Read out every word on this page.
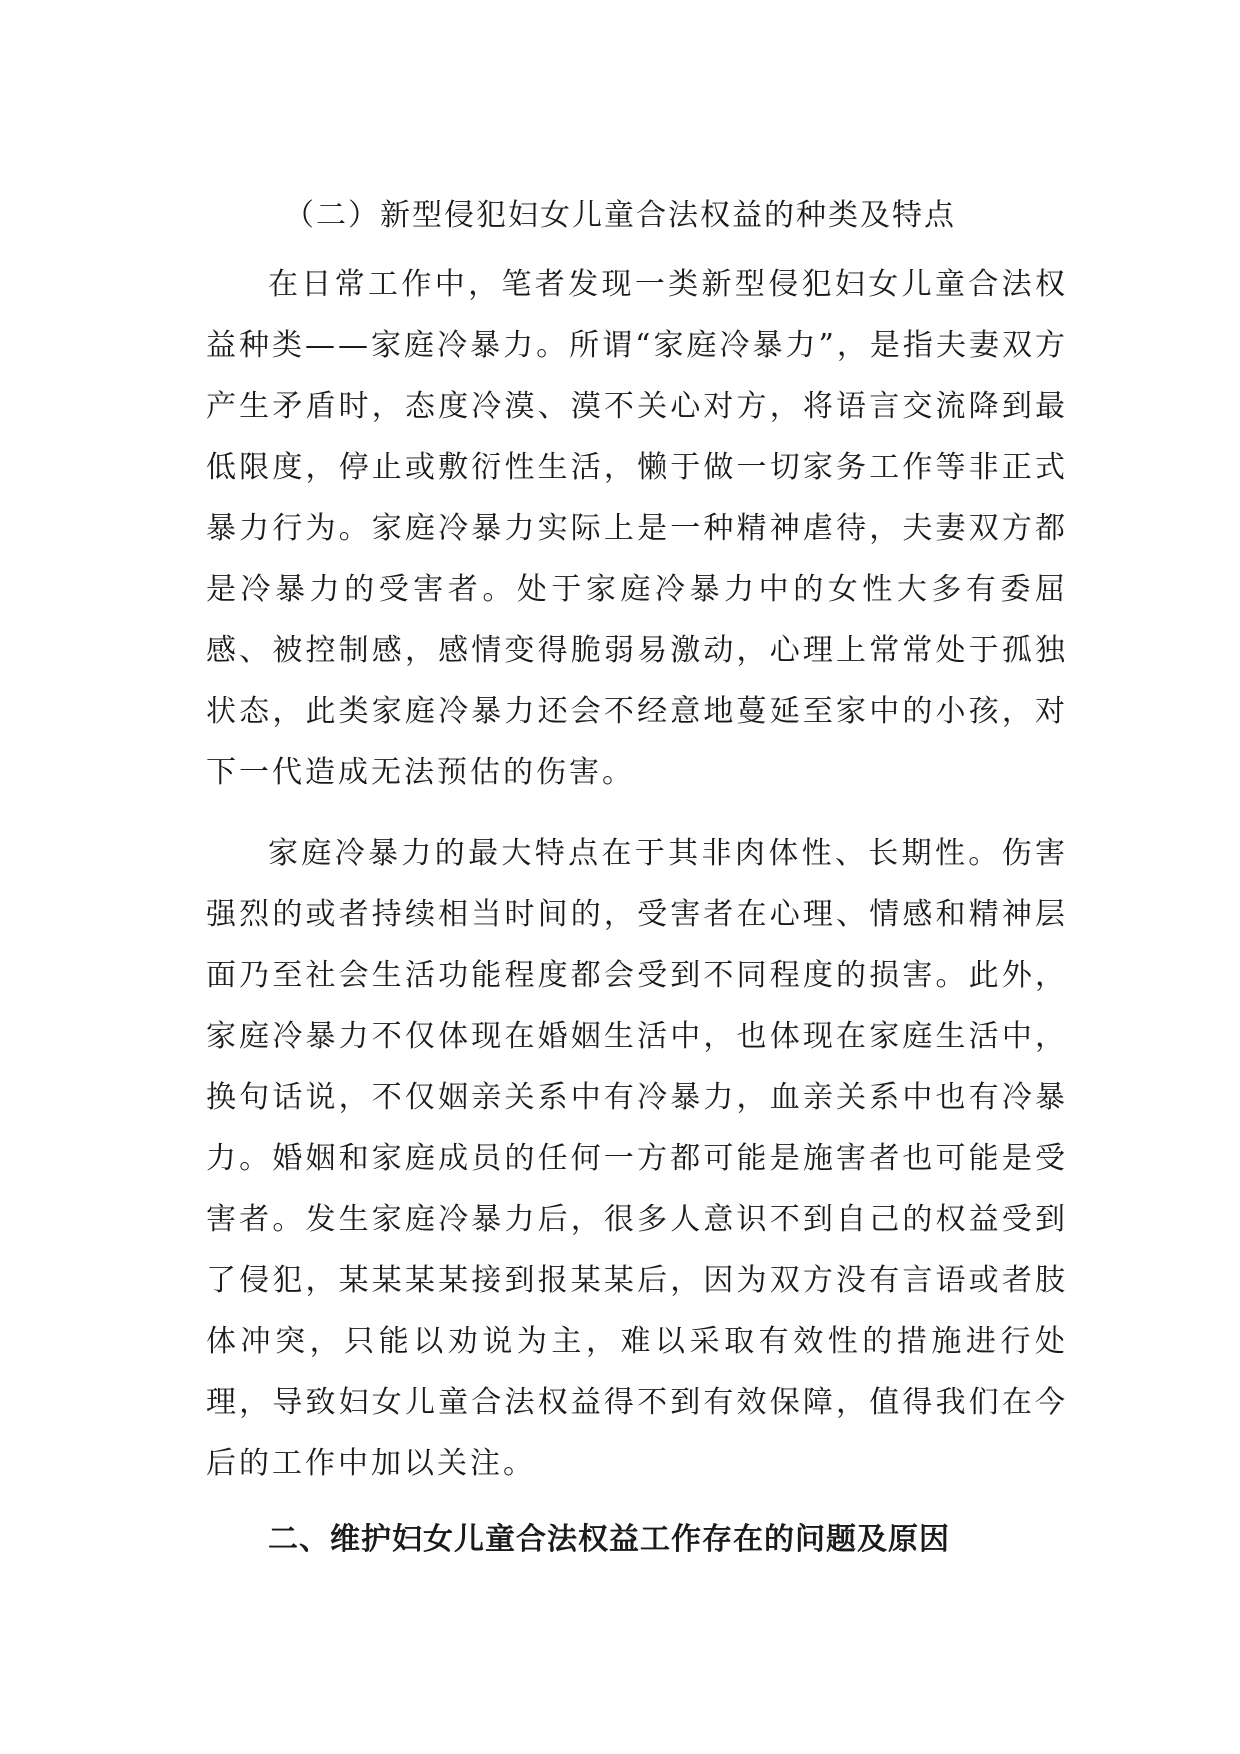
（二）新型侵犯妇女儿童合法权益的种类及特点

在日常工作中，笔者发现一类新型侵犯妇女儿童合法权益种类——家庭冷暴力。所谓“家庭冷暴力”，是指夫妻双方产生矛盾时，态度冷漠、漠不关心对方，将语言交流降到最低限度，停止或敷衍性生活，懒于做一切家务工作等非正式暴力行为。家庭冷暴力实际上是一种精神虐待，夫妻双方都是冷暴力的受害者。处于家庭冷暴力中的女性大多有委屈感、被控制感，感情变得脆弱易激动，心理上常常处于孤独状态，此类家庭冷暴力还会不经意地蔓延至家中的小孩，对下一代造成无法预估的伤害。

家庭冷暴力的最大特点在于其非肉体性、长期性。伤害强烈的或者持续相当时间的，受害者在心理、情感和精神层面乃至社会生活功能程度都会受到不同程度的损害。此外，家庭冷暴力不仅体现在婚姻生活中，也体现在家庭生活中，换句话说，不仅姻亲关系中有冷暴力，血亲关系中也有冷暴力。婚姻和家庭成员的任何一方都可能是施害者也可能是受害者。发生家庭冷暴力后，很多人意识不到自己的权益受到了侵犯，某某某某接到报某某后，因为双方没有言语或者肢体冲突，只能以劝说为主，难以采取有效性的措施进行处理，导致妇女儿童合法权益得不到有效保障，值得我们在今后的工作中加以关注。

二、维护妇女儿童合法权益工作存在的问题及原因
